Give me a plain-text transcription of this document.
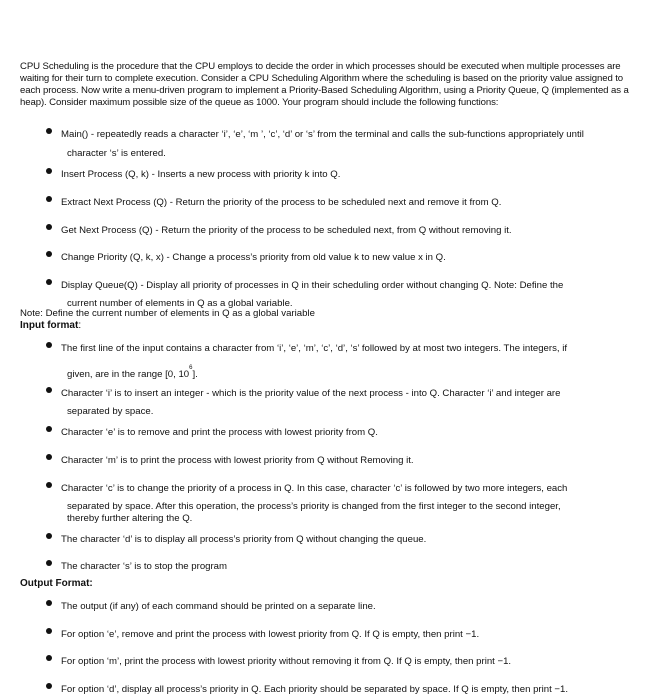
CPU Scheduling is the procedure that the CPU employs to decide the order in which processes should be executed when multiple processes are waiting for their turn to complete execution. Consider a CPU Scheduling Algorithm where the scheduling is based on the priority value assigned to each process. Now write a menu-driven program to implement a Priority-Based Scheduling Algorithm, using a Priority Queue, Q (implemented as a heap). Consider maximum possible size of the queue as 1000. Your program should include the following functions:
Main() - repeatedly reads a character ‘i’, ‘e’, ‘m ’, ‘c’, ‘d’ or ‘s’ from the terminal and calls the sub-functions appropriately until
character ‘s’ is entered.
Insert Process (Q, k) - Inserts a new process with priority k into Q.
Extract Next Process (Q) - Return the priority of the process to be scheduled next and remove it from Q.
Get Next Process (Q) - Return the priority of the process to be scheduled next, from Q without removing it.
Change Priority (Q, k, x) - Change a process’s priority from old value k to new value x in Q.
Display Queue(Q) - Display all priority of processes in Q in their scheduling order without changing Q. Note: Define the
current number of elements in Q as a global variable.
Note: Define the current number of elements in Q as a global variable
Input format:
The first line of the input contains a character from ‘i’, ‘e’, ‘m’, ‘c’, ‘d’, ‘s’ followed by at most two integers. The integers, if
given, are in the range [0, $10^6$].
Character ‘i’ is to insert an integer - which is the priority value of the next process - into Q. Character ‘i’ and integer are
separated by space.
Character ‘e’ is to remove and print the process with lowest priority from Q.
Character ‘m’ is to print the process with lowest priority from Q without Removing it.
Character ‘c’ is to change the priority of a process in Q. In this case, character ‘c’ is followed by two more integers, each
separated by space. After this operation, the process’s priority is changed from the first integer to the second integer,
thereby further altering the Q.
The character ‘d’ is to display all process’s priority from Q without changing the queue.
The character ‘s’ is to stop the program
Output Format:
The output (if any) of each command should be printed on a separate line.
For option ‘e’, remove and print the process with lowest priority from Q. If Q is empty, then print −1.
For option ‘m’, print the process with lowest priority without removing it from Q. If Q is empty, then print −1.
For option ‘d’, display all process’s priority in Q. Each priority should be separated by space. If Q is empty, then print −1.
